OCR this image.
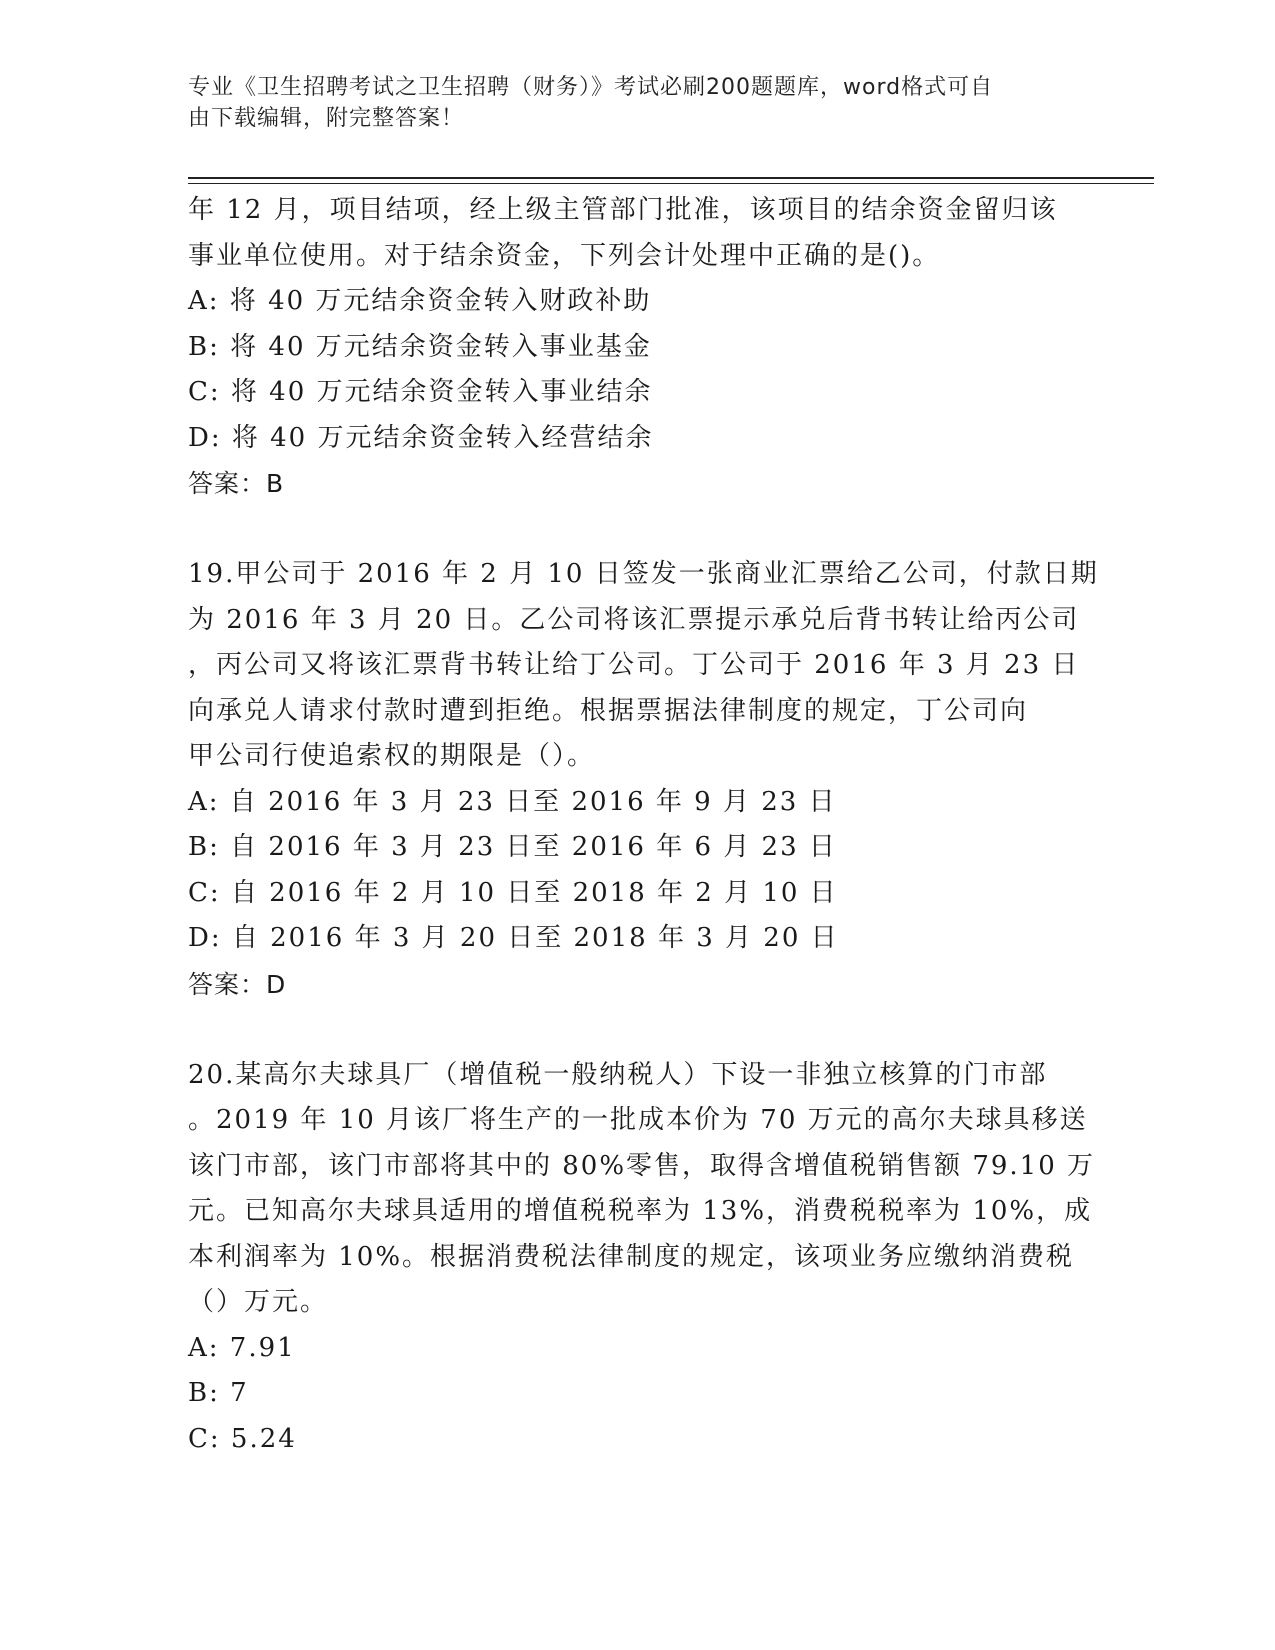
专业《卫生招聘考试之卫生招聘（财务）》考试必刷200题题库，word格式可自
由下载编辑，附完整答案！
年 12 月，项目结项，经上级主管部门批准，该项目的结余资金留归该
事业单位使用。对于结余资金，下列会计处理中正确的是()。
A: 将 40 万元结余资金转入财政补助
B: 将 40 万元结余资金转入事业基金
C: 将 40 万元结余资金转入事业结余
D: 将 40 万元结余资金转入经营结余
答案：B
19.甲公司于 2016 年 2 月 10 日签发一张商业汇票给乙公司，付款日期
为 2016 年 3 月 20 日。乙公司将该汇票提示承兑后背书转让给丙公司
，丙公司又将该汇票背书转让给丁公司。丁公司于 2016 年 3 月 23 日
向承兑人请求付款时遭到拒绝。根据票据法律制度的规定，丁公司向
甲公司行使追索权的期限是（）。
A: 自 2016 年 3 月 23 日至 2016 年 9 月 23 日
B: 自 2016 年 3 月 23 日至 2016 年 6 月 23 日
C: 自 2016 年 2 月 10 日至 2018 年 2 月 10 日
D: 自 2016 年 3 月 20 日至 2018 年 3 月 20 日
答案：D
20.某高尔夫球具厂（增值税一般纳税人）下设一非独立核算的门市部
。2019 年 10 月该厂将生产的一批成本价为 70 万元的高尔夫球具移送
该门市部，该门市部将其中的 80%零售，取得含增值税销售额 79.10 万
元。已知高尔夫球具适用的增值税税率为 13%，消费税税率为 10%，成
本利润率为 10%。根据消费税法律制度的规定，该项业务应缴纳消费税
（）万元。
A: 7.91
B: 7
C: 5.24
